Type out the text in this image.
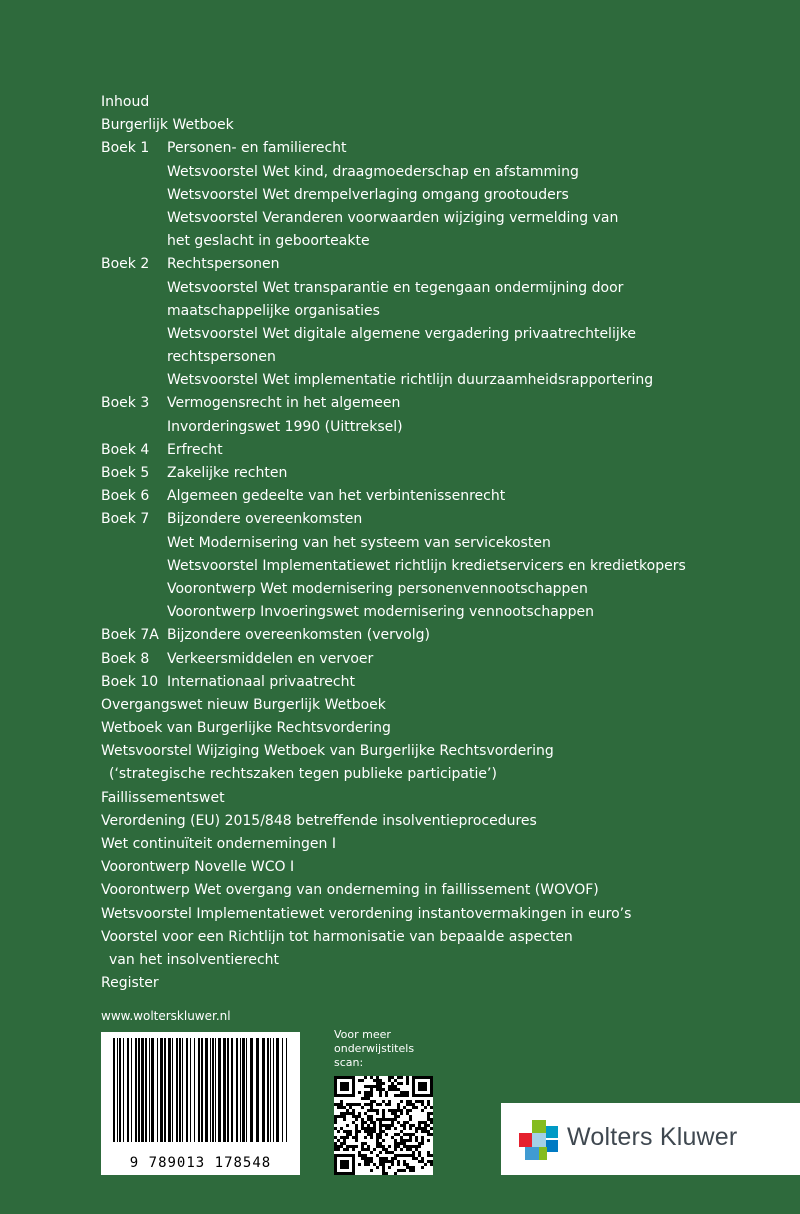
Inhoud
Burgerlijk Wetboek
Boek 1 Personen- en familierecht
Wetsvoorstel Wet kind, draagmoederschap en afstamming
Wetsvoorstel Wet drempelverlaging omgang grootouders
Wetsvoorstel Veranderen voorwaarden wijziging vermelding van
het geslacht in geboorteakte
Boek 2 Rechtspersonen
Wetsvoorstel Wet transparantie en tegengaan ondermijning door
maatschappelijke organisaties
Wetsvoorstel Wet digitale algemene vergadering privaatrechtelijke
rechtspersonen
Wetsvoorstel Wet implementatie richtlijn duurzaamheidsrapportering
Boek 3 Vermogensrecht in het algemeen
Invorderingswet 1990 (Uittreksel)
Boek 4 Erfrecht
Boek 5 Zakelijke rechten
Boek 6 Algemeen gedeelte van het verbintenissenrecht
Boek 7 Bijzondere overeenkomsten
Wet Modernisering van het systeem van servicekosten
Wetsvoorstel Implementatiewet richtlijn kredietservicers en kredietkopers
Voorontwerp Wet modernisering personenvennootschappen
Voorontwerp Invoeringswet modernisering vennootschappen
Boek 7A Bijzondere overeenkomsten (vervolg)
Boek 8 Verkeersmiddelen en vervoer
Boek 10 Internationaal privaatrecht
Overgangswet nieuw Burgerlijk Wetboek
Wetboek van Burgerlijke Rechtsvordering
Wetsvoorstel Wijziging Wetboek van Burgerlijke Rechtsvordering
(‘strategische rechtszaken tegen publieke participatie’)
Faillissementswet
Verordening (EU) 2015/848 betreffende insolventieprocedures
Wet continuïteit ondernemingen I
Voorontwerp Novelle WCO I
Voorontwerp Wet overgang van onderneming in faillissement (WOVOF)
Wetsvoorstel Implementatiewet verordening instantovermakingen in euro’s
Voorstel voor een Richtlijn tot harmonisatie van bepaalde aspecten
van het insolventierecht
Register
www.wolterskluwer.nl
9 789013 178548
Voor meer
onderwijstitels
scan:
Wolters Kluwer
